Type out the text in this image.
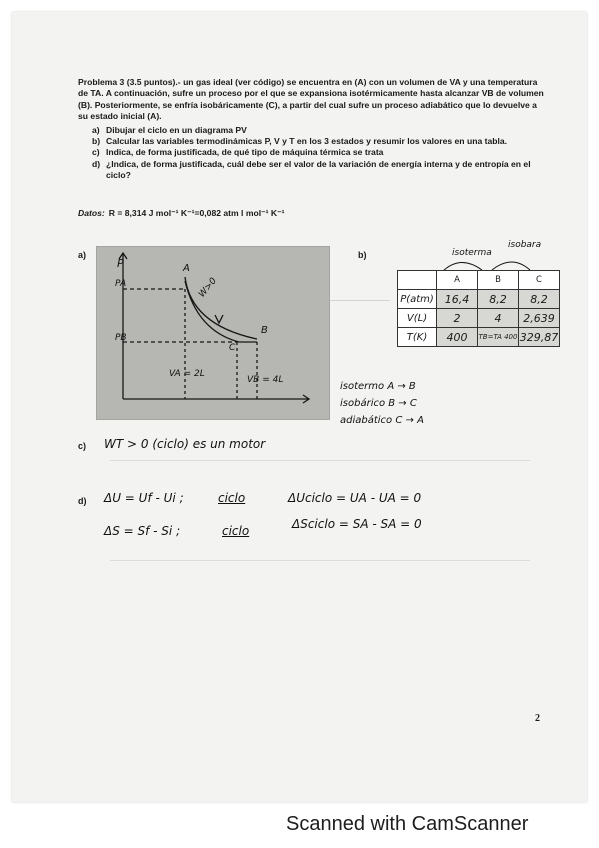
Problema 3 (3.5 puntos).- un gas ideal (ver código) se encuentra en (A) con un volumen de VA y una temperatura de TA. A continuación, sufre un proceso por el que se expansiona isotérmicamente hasta alcanzar VB de volumen (B). Posteriormente, se enfría isobáricamente (C), a partir del cual sufre un proceso adiabático que lo devuelve a su estado inicial (A).

a) Dibujar el ciclo en un diagrama PV
b) Calcular las variables termodinámicas P, V y T en los 3 estados y resumir los valores en una tabla.
c) Indica, de forma justificada, de qué tipo de máquina térmica se trata
d) ¿Indica, de forma justificada, cuál debe ser el valor de la variación de energía interna y de entropía en el ciclo?
Datos: R = 8,314 J mol⁻¹ K⁻¹=0,082 atm l mol⁻¹ K⁻¹
a)
P
PA
PB
A
B
C
W>0
VA = 2L
VB = 4L
b)	isoterma
isobara
	A	B	C
P(atm)	16,4	8,2	8,2
V(L)	2	4	2,639
T(K)	400	TB=TA 400	329,87
isotermo A → B
isobárico B → C
adiabático C → A
c) WT > 0 (ciclo) es un motor
d) ΔU = Uf - Ui ;	ciclo	ΔUciclo = UA - UA = 0
ΔS = Sf - Si ;	ciclo	ΔSciclo = SA - SA = 0
2
Scanned with CamScanner
